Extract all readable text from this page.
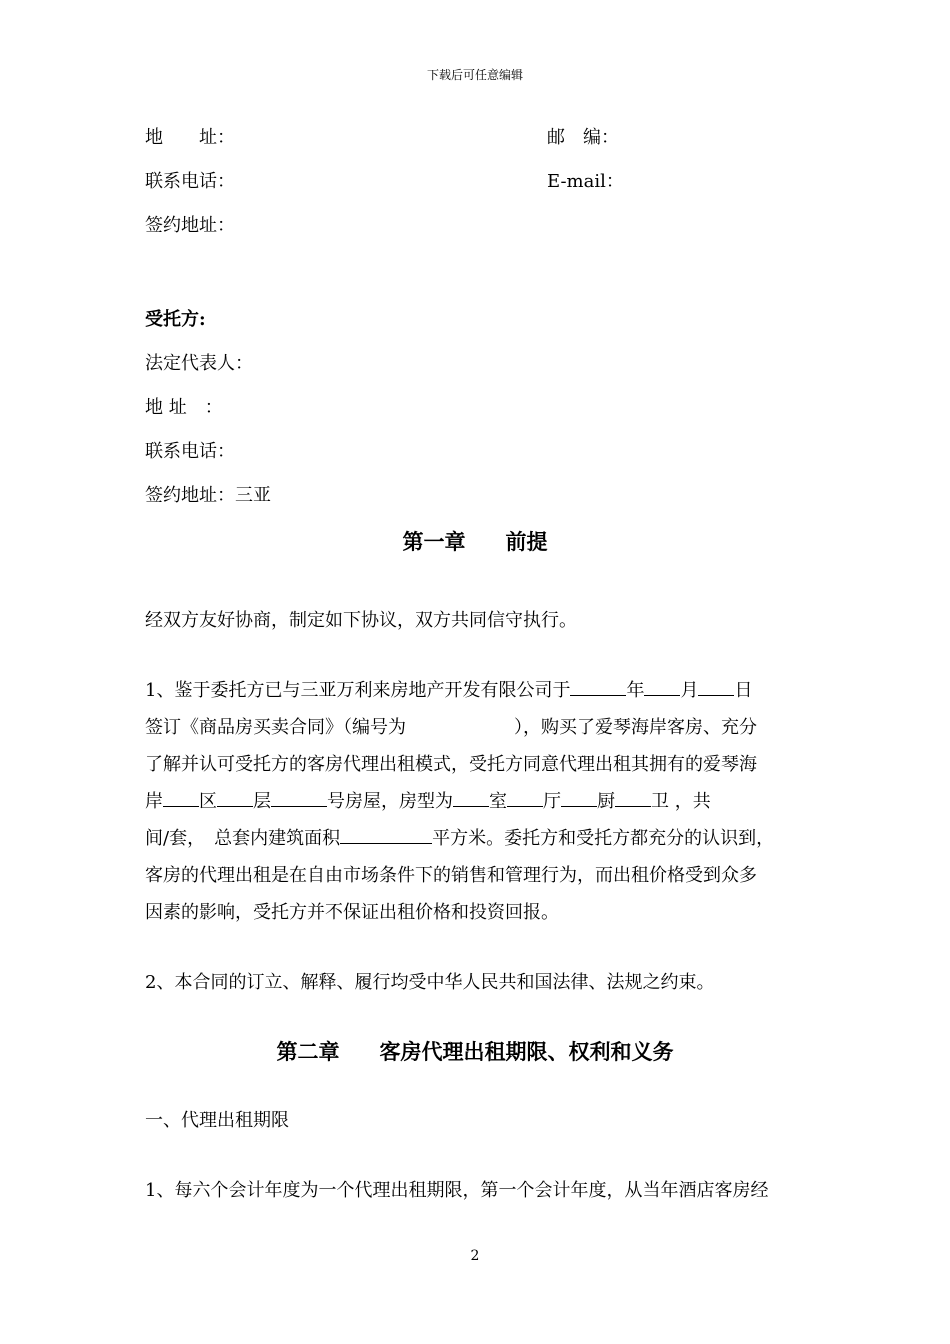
下载后可任意编辑
地　　址：	邮　编：
联系电话：	E-mail：
签约地址：
受托方:
法定代表人：
地 址　：
联系电话：
签约地址：三亚
第一章 前提
经双方友好协商，制定如下协议，双方共同信守执行。
1、鉴于委托方已与三亚万利来房地产开发有限公司于	年 月 日
签订《商品房买卖合同》（编号为	），购买了爱琴海岸客房、充分
了解并认可受托方的客房代理出租模式，受托方同意代理出租其拥有的爱琴海
岸 区 层	号房屋，房型为 室 厅 厨 卫 ，共
间/套，　总套内建筑面积	平方米。委托方和受托方都充分的认识到，
客房的代理出租是在自由市场条件下的销售和管理行为，而出租价格受到众多
因素的影响，受托方并不保证出租价格和投资回报。
2、本合同的订立、解释、履行均受中华人民共和国法律、法规之约束。
第二章 客房代理出租期限、权利和义务
一、代理出租期限
1、每六个会计年度为一个代理出租期限，第一个会计年度，从当年酒店客房经
2
